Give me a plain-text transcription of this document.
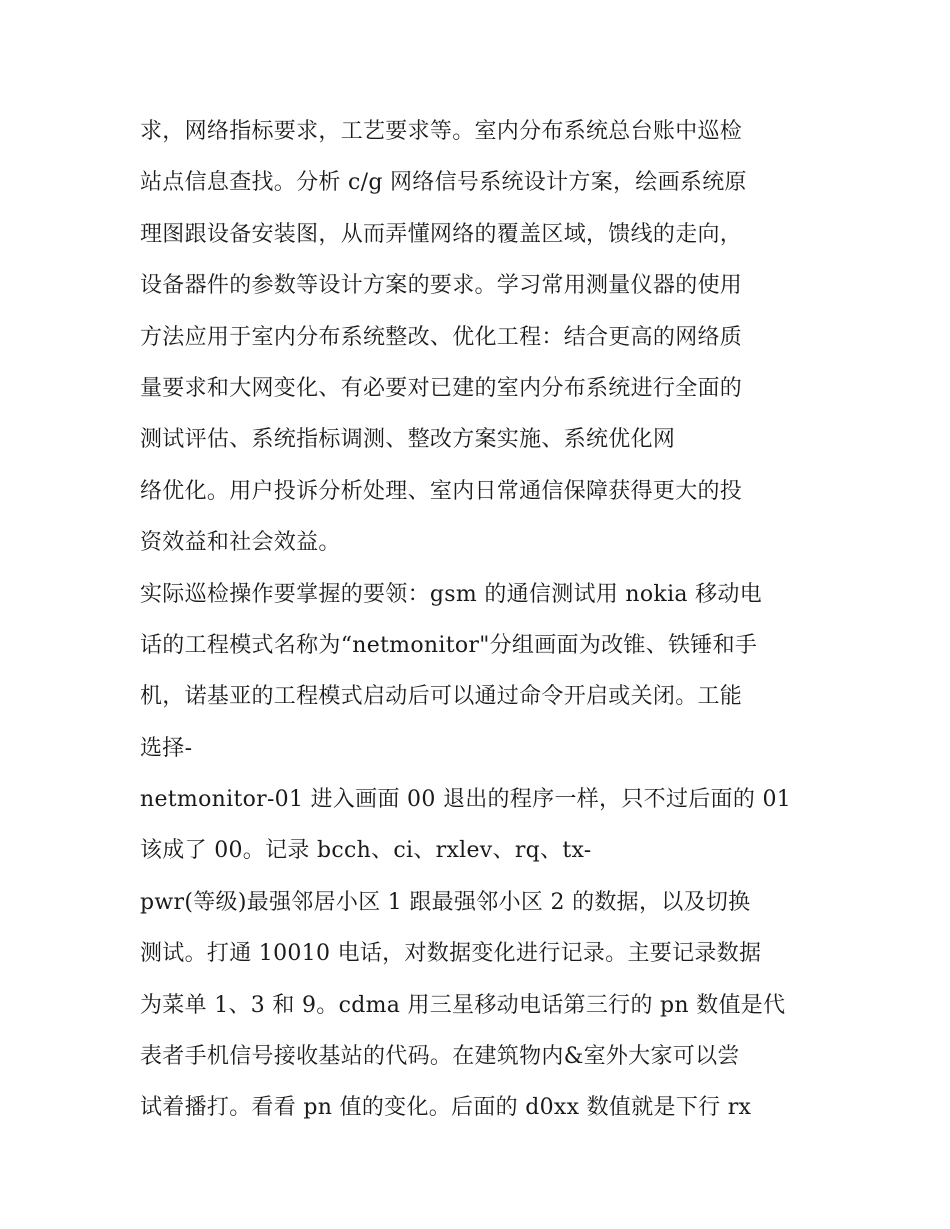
求，网络指标要求，工艺要求等。室内分布系统总台账中巡检
站点信息查找。分析 c/g 网络信号系统设计方案，绘画系统原
理图跟设备安装图，从而弄懂网络的覆盖区域，馈线的走向，
设备器件的参数等设计方案的要求。学习常用测量仪器的使用
方法应用于室内分布系统整改、优化工程：结合更高的网络质
量要求和大网变化、有必要对已建的室内分布系统进行全面的
测试评估、系统指标调测、整改方案实施、系统优化网
络优化。用户投诉分析处理、室内日常通信保障获得更大的投
资效益和社会效益。
实际巡检操作要掌握的要领：gsm 的通信测试用 nokia 移动电
话的工程模式名称为“netmonitor"分组画面为改锥、铁锤和手
机，诺基亚的工程模式启动后可以通过命令开启或关闭。工能
选择-
netmonitor-01 进入画面 00 退出的程序一样，只不过后面的 01
该成了 00。记录 bcch、ci、rxlev、rq、tx-
pwr(等级)最强邻居小区 1 跟最强邻小区 2 的数据，以及切换
测试。打通 10010 电话，对数据变化进行记录。主要记录数据
为菜单 1、3 和 9。cdma 用三星移动电话第三行的 pn 数值是代
表者手机信号接收基站的代码。在建筑物内&室外大家可以尝
试着播打。看看 pn 值的变化。后面的 d0xx 数值就是下行 rx
